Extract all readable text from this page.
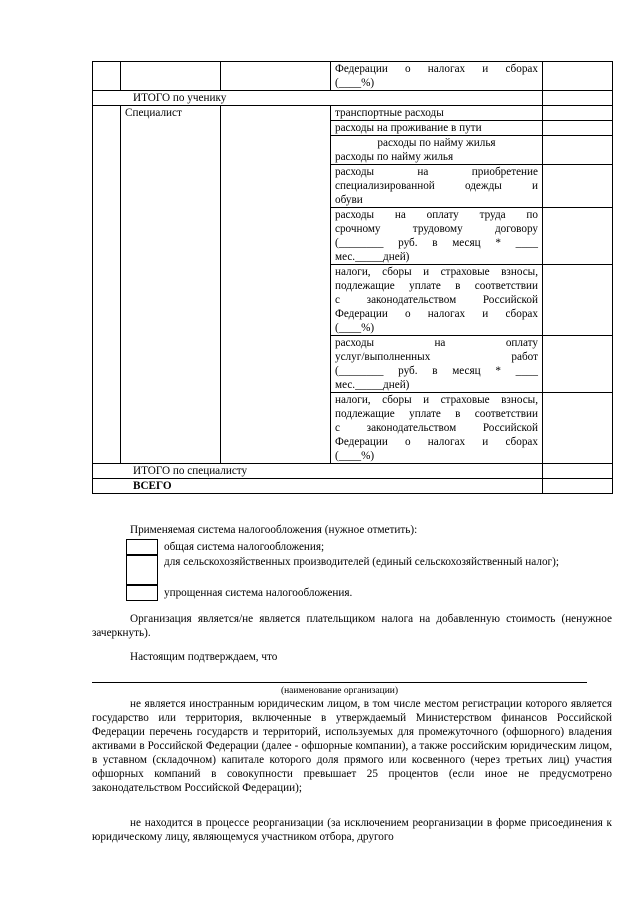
			Федерации о налогах и сборах
(____%)	

ИТОГО по ученику				
	Специалист		транспортные расходы	

			расходы на проживание в пути	

			расходы по найму жилья
расходы по найму жилья	

			расходы на приобретение
специализированной одежды и
обуви	

			расходы на оплату труда по
срочному трудовому договору
(________ руб. в месяц * ____
мес._____дней)	

			налоги, сборы и страховые взносы,
подлежащие уплате в соответствии
с законодательством Российской
Федерации о налогах и сборах
(____%)	

			расходы на оплату
услуг/выполненных работ
(________ руб. в месяц * ____
мес._____дней)	

			налоги, сборы и страховые взносы,
подлежащие уплате в соответствии
с законодательством Российской
Федерации о налогах и сборах
(____%)	

ИТОГО по специалисту				
ВСЕГО				
Применяемая система налогообложения (нужное отметить):
общая система налогообложения;
для сельскохозяйственных производителей (единый сельскохозяйственный налог);
упрощенная система налогообложения.
Организация является/не является плательщиком налога на добавленную стоимость (ненужное зачеркнуть).
Настоящим подтверждаем, что
(наименование организации)
не является иностранным юридическим лицом, в том числе местом регистрации которого является государство или территория, включенные в утверждаемый Министерством финансов Российской Федерации перечень государств и территорий, используемых для промежуточного (офшорного) владения активами в Российской Федерации (далее - офшорные компании), а также российским юридическим лицом, в уставном (складочном) капитале которого доля прямого или косвенного (через третьих лиц) участия офшорных компаний в совокупности превышает 25 процентов (если иное не предусмотрено законодательством Российской Федерации);
не находится в процессе реорганизации (за исключением реорганизации в форме присоединения к юридическому лицу, являющемуся участником отбора, другого
